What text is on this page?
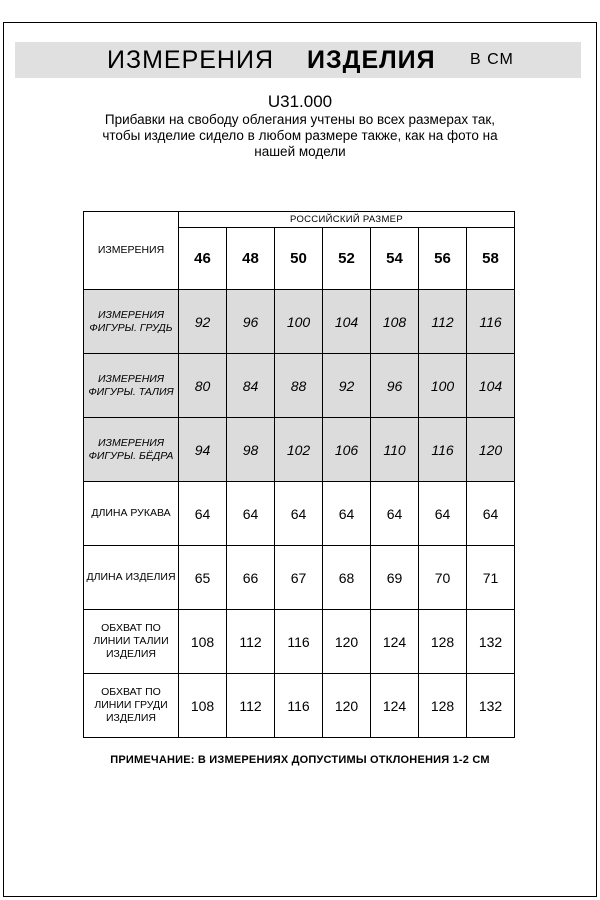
ИЗМЕРЕНИЯ ИЗДЕЛИЯ В СМ
U31.000
Прибавки на свободу облегания учтены во всех размерах так,
чтобы изделие сидело в любом размере также, как на фото на
нашей модели
ИЗМЕРЕНИЯ	РОССИЙСКИЙ РАЗМЕР						
	46	48	50	52	54	56	58

ИЗМЕРЕНИЯ
ФИГУРЫ. ГРУДЬ	92	96	100	104	108	112	116

ИЗМЕРЕНИЯ
ФИГУРЫ. ТАЛИЯ	80	84	88	92	96	100	104

ИЗМЕРЕНИЯ
ФИГУРЫ. БЁДРА	94	98	102	106	110	116	120

ДЛИНА РУКАВА	64	64	64	64	64	64	64

ДЛИНА ИЗДЕЛИЯ	65	66	67	68	69	70	71

ОБХВАТ ПО
ЛИНИИ ТАЛИИ
ИЗДЕЛИЯ	108	112	116	120	124	128	132

ОБХВАТ ПО
ЛИНИИ ГРУДИ
ИЗДЕЛИЯ	108	112	116	120	124	128	132
ПРИМЕЧАНИЕ: В ИЗМЕРЕНИЯХ ДОПУСТИМЫ ОТКЛОНЕНИЯ 1-2 СМ
